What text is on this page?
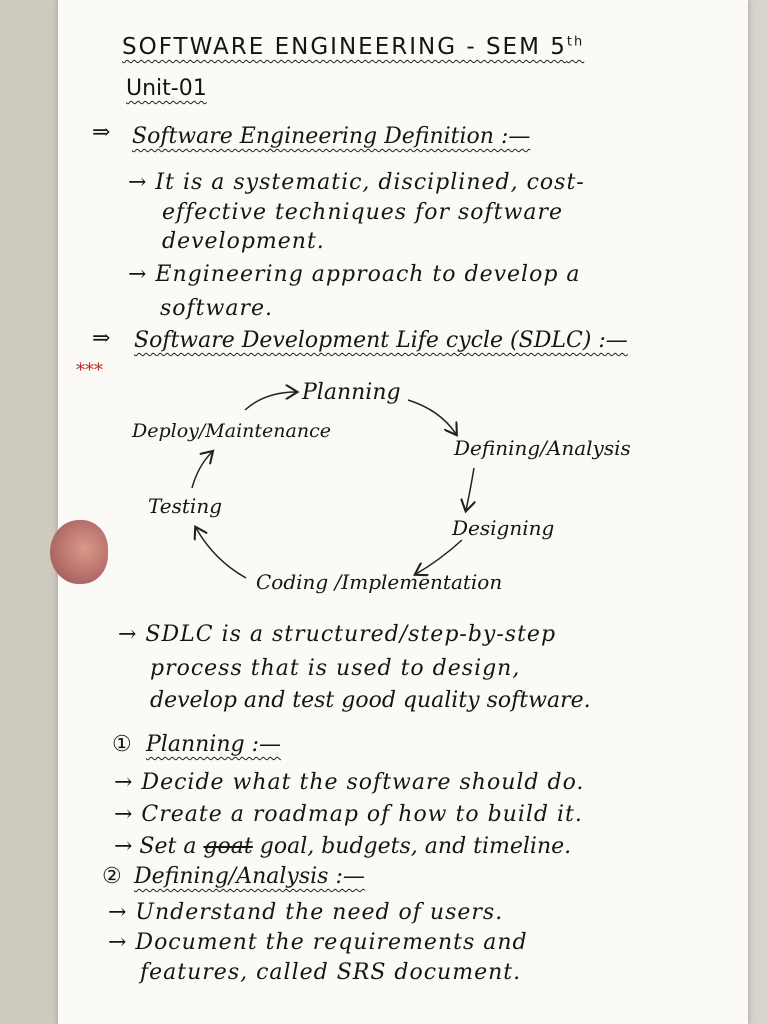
SOFTWARE ENGINEERING - SEM 5th
Unit-01
⇒ Software Engineering Definition :—
→ It is a systematic, disciplined, cost-
effective techniques for software
development.
→ Engineering approach to develop a
software.
⇒ Software Development Life cycle (SDLC) :—
***
Planning
Defining/Analysis
Designing
Coding /Implementation
Testing
Deploy/Maintenance
→ SDLC is a structured/step-by-step
process that is used to design,
develop and test good quality software.
① Planning :—
→ Decide what the software should do.
→ Create a roadmap of how to build it.
→ Set a goat goal, budgets, and timeline.
② Defining/Analysis :—
→ Understand the need of users.
→ Document the requirements and
features, called SRS document.
